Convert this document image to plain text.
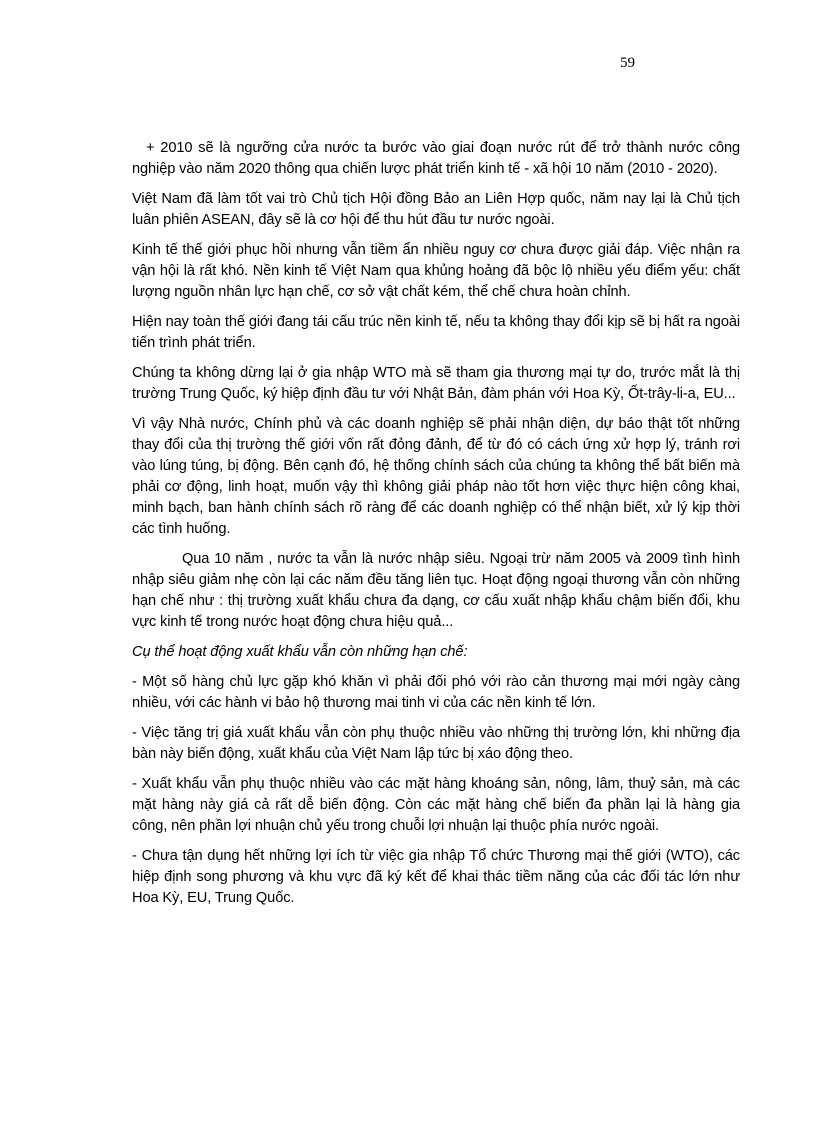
59

+ 2010 sẽ là ngưỡng cửa nước ta bước vào giai đoạn nước rút để trở thành nước công nghiệp vào năm 2020 thông qua chiến lược phát triển kinh tế - xã hội 10 năm (2010 - 2020).

Việt Nam đã làm tốt vai trò Chủ tịch Hội đồng Bảo an Liên Hợp quốc, năm nay lại là Chủ tịch luân phiên ASEAN, đây sẽ là cơ hội để thu hút đầu tư nước ngoài.

Kinh tế thế giới phục hồi nhưng vẫn tiềm ẩn nhiều nguy cơ chưa được giải đáp. Việc nhận ra vận hội là rất khó. Nền kinh tế Việt Nam qua khủng hoảng đã bộc lộ nhiều yếu điểm yếu: chất lượng nguồn nhân lực hạn chế, cơ sở vật chất kém, thể chế chưa hoàn chỉnh.

Hiện nay toàn thế giới đang tái cấu trúc nền kinh tế, nếu ta không thay đổi kịp sẽ bị hất ra ngoài tiến trình phát triển.

Chúng ta không dừng lại ở gia nhập WTO mà sẽ tham gia thương mại tự do, trước mắt là thị trường Trung Quốc, ký hiệp định đầu tư với Nhật Bản, đàm phán với Hoa Kỳ, Ốt-trây-li-a, EU...

Vì vậy Nhà nước, Chính phủ và các doanh nghiệp sẽ phải nhận diện, dự báo thật tốt những thay đổi của thị trường thế giới vốn rất đỏng đảnh, để từ đó có cách ứng xử hợp lý, tránh rơi vào lúng túng, bị động. Bên cạnh đó, hệ thống chính sách của chúng ta không thể bất biến mà phải cơ động, linh hoạt, muốn vậy thì không giải pháp nào tốt hơn việc thực hiện công khai, minh bạch, ban hành chính sách rõ ràng để các doanh nghiệp có thể nhận biết, xử lý kịp thời các tình huống.

Qua 10 năm , nước ta vẫn là nước nhập siêu. Ngoại trừ năm 2005 và 2009 tình hình nhập siêu giảm nhẹ còn lại các năm đều tăng liên tục. Hoạt động ngoại thương vẫn còn những hạn chế như : thị trường xuất khẩu chưa đa dạng, cơ cấu xuất nhập khẩu chậm biến đổi, khu vực kinh tế trong nước hoạt động chưa hiệu quả...

Cụ thể hoạt động xuất khẩu vẫn còn những hạn chế:

- Một số hàng chủ lực gặp khó khăn vì phải đối phó với rào cản thương mại mới ngày càng nhiều, với các hành vi bảo hộ thương mai tinh vi của các nền kinh tế lớn.

- Việc tăng trị giá xuất khẩu vẫn còn phụ thuộc nhiều vào những thị trường lớn, khi những địa bàn này biến động, xuất khẩu của Việt Nam lập tức bị xáo động theo.

- Xuất khẩu vẫn phụ thuộc nhiều vào các mặt hàng khoáng sản, nông, lâm, thuỷ sản, mà các mặt hàng này giá cả rất dễ biến động. Còn các mặt hàng chế biến đa phần lại là hàng gia công, nên phần lợi nhuận chủ yếu trong chuỗi lợi nhuận lại thuộc phía nước ngoài.

- Chưa tận dụng hết những lợi ích từ việc gia nhập Tổ chức Thương mại thế giới (WTO), các hiệp định song phương và khu vực đã ký kết để khai thác tiềm năng của các đối tác lớn như Hoa Kỳ, EU, Trung Quốc.
